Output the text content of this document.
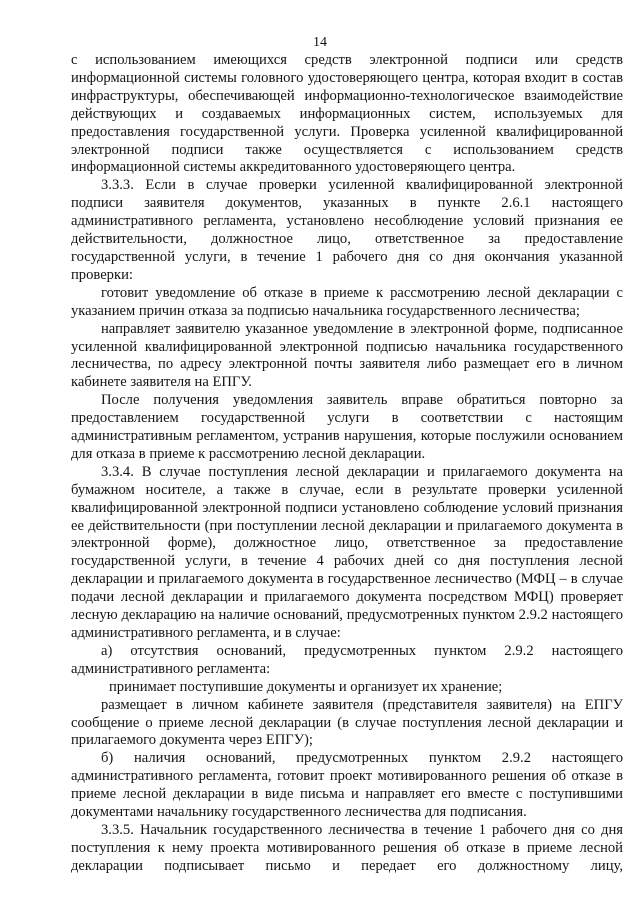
14

с использованием имеющихся средств электронной подписи или средств информационной системы головного удостоверяющего центра, которая входит в состав инфраструктуры, обеспечивающей информационно-технологическое взаимодействие действующих и создаваемых информационных систем, используемых для предоставления государственной услуги. Проверка усиленной квалифицированной электронной подписи также осуществляется с использованием средств информационной системы аккредитованного удостоверяющего центра.

3.3.3. Если в случае проверки усиленной квалифицированной электронной подписи заявителя документов, указанных в пункте 2.6.1 настоящего административного регламента, установлено несоблюдение условий признания ее действительности, должностное лицо, ответственное за предоставление государственной услуги, в течение 1 рабочего дня со дня окончания указанной проверки:

готовит уведомление об отказе в приеме к рассмотрению лесной декларации с указанием причин отказа за подписью начальника государственного лесничества;

направляет заявителю указанное уведомление в электронной форме, подписанное усиленной квалифицированной электронной подписью начальника государственного лесничества, по адресу электронной почты заявителя либо размещает его в личном кабинете заявителя на ЕПГУ.

После получения уведомления заявитель вправе обратиться повторно за предоставлением государственной услуги в соответствии с настоящим административным регламентом, устранив нарушения, которые послужили основанием для отказа в приеме к рассмотрению лесной декларации.

3.3.4. В случае поступления лесной декларации и прилагаемого документа на бумажном носителе, а также в случае, если в результате проверки усиленной квалифицированной электронной подписи установлено соблюдение условий признания ее действительности (при поступлении лесной декларации и прилагаемого документа в электронной форме), должностное лицо, ответственное за предоставление государственной услуги, в течение 4 рабочих дней со дня поступления лесной декларации и прилагаемого документа в государственное лесничество (МФЦ – в случае подачи лесной декларации и прилагаемого документа посредством МФЦ) проверяет лесную декларацию на наличие оснований, предусмотренных пунктом 2.9.2 настоящего административного регламента, и в случае:

а) отсутствия оснований, предусмотренных пунктом 2.9.2 настоящего административного регламента:

принимает поступившие документы и организует их хранение;

размещает в личном кабинете заявителя (представителя заявителя) на ЕПГУ сообщение о приеме лесной декларации (в случае поступления лесной декларации и прилагаемого документа через ЕПГУ);

б) наличия оснований, предусмотренных пунктом 2.9.2 настоящего административного регламента, готовит проект мотивированного решения об отказе в приеме лесной декларации в виде письма и направляет его вместе с поступившими документами начальнику государственного лесничества для подписания.

3.3.5. Начальник государственного лесничества в течение 1 рабочего дня со дня поступления к нему проекта мотивированного решения об отказе в приеме лесной декларации подписывает письмо и передает его должностному лицу,
